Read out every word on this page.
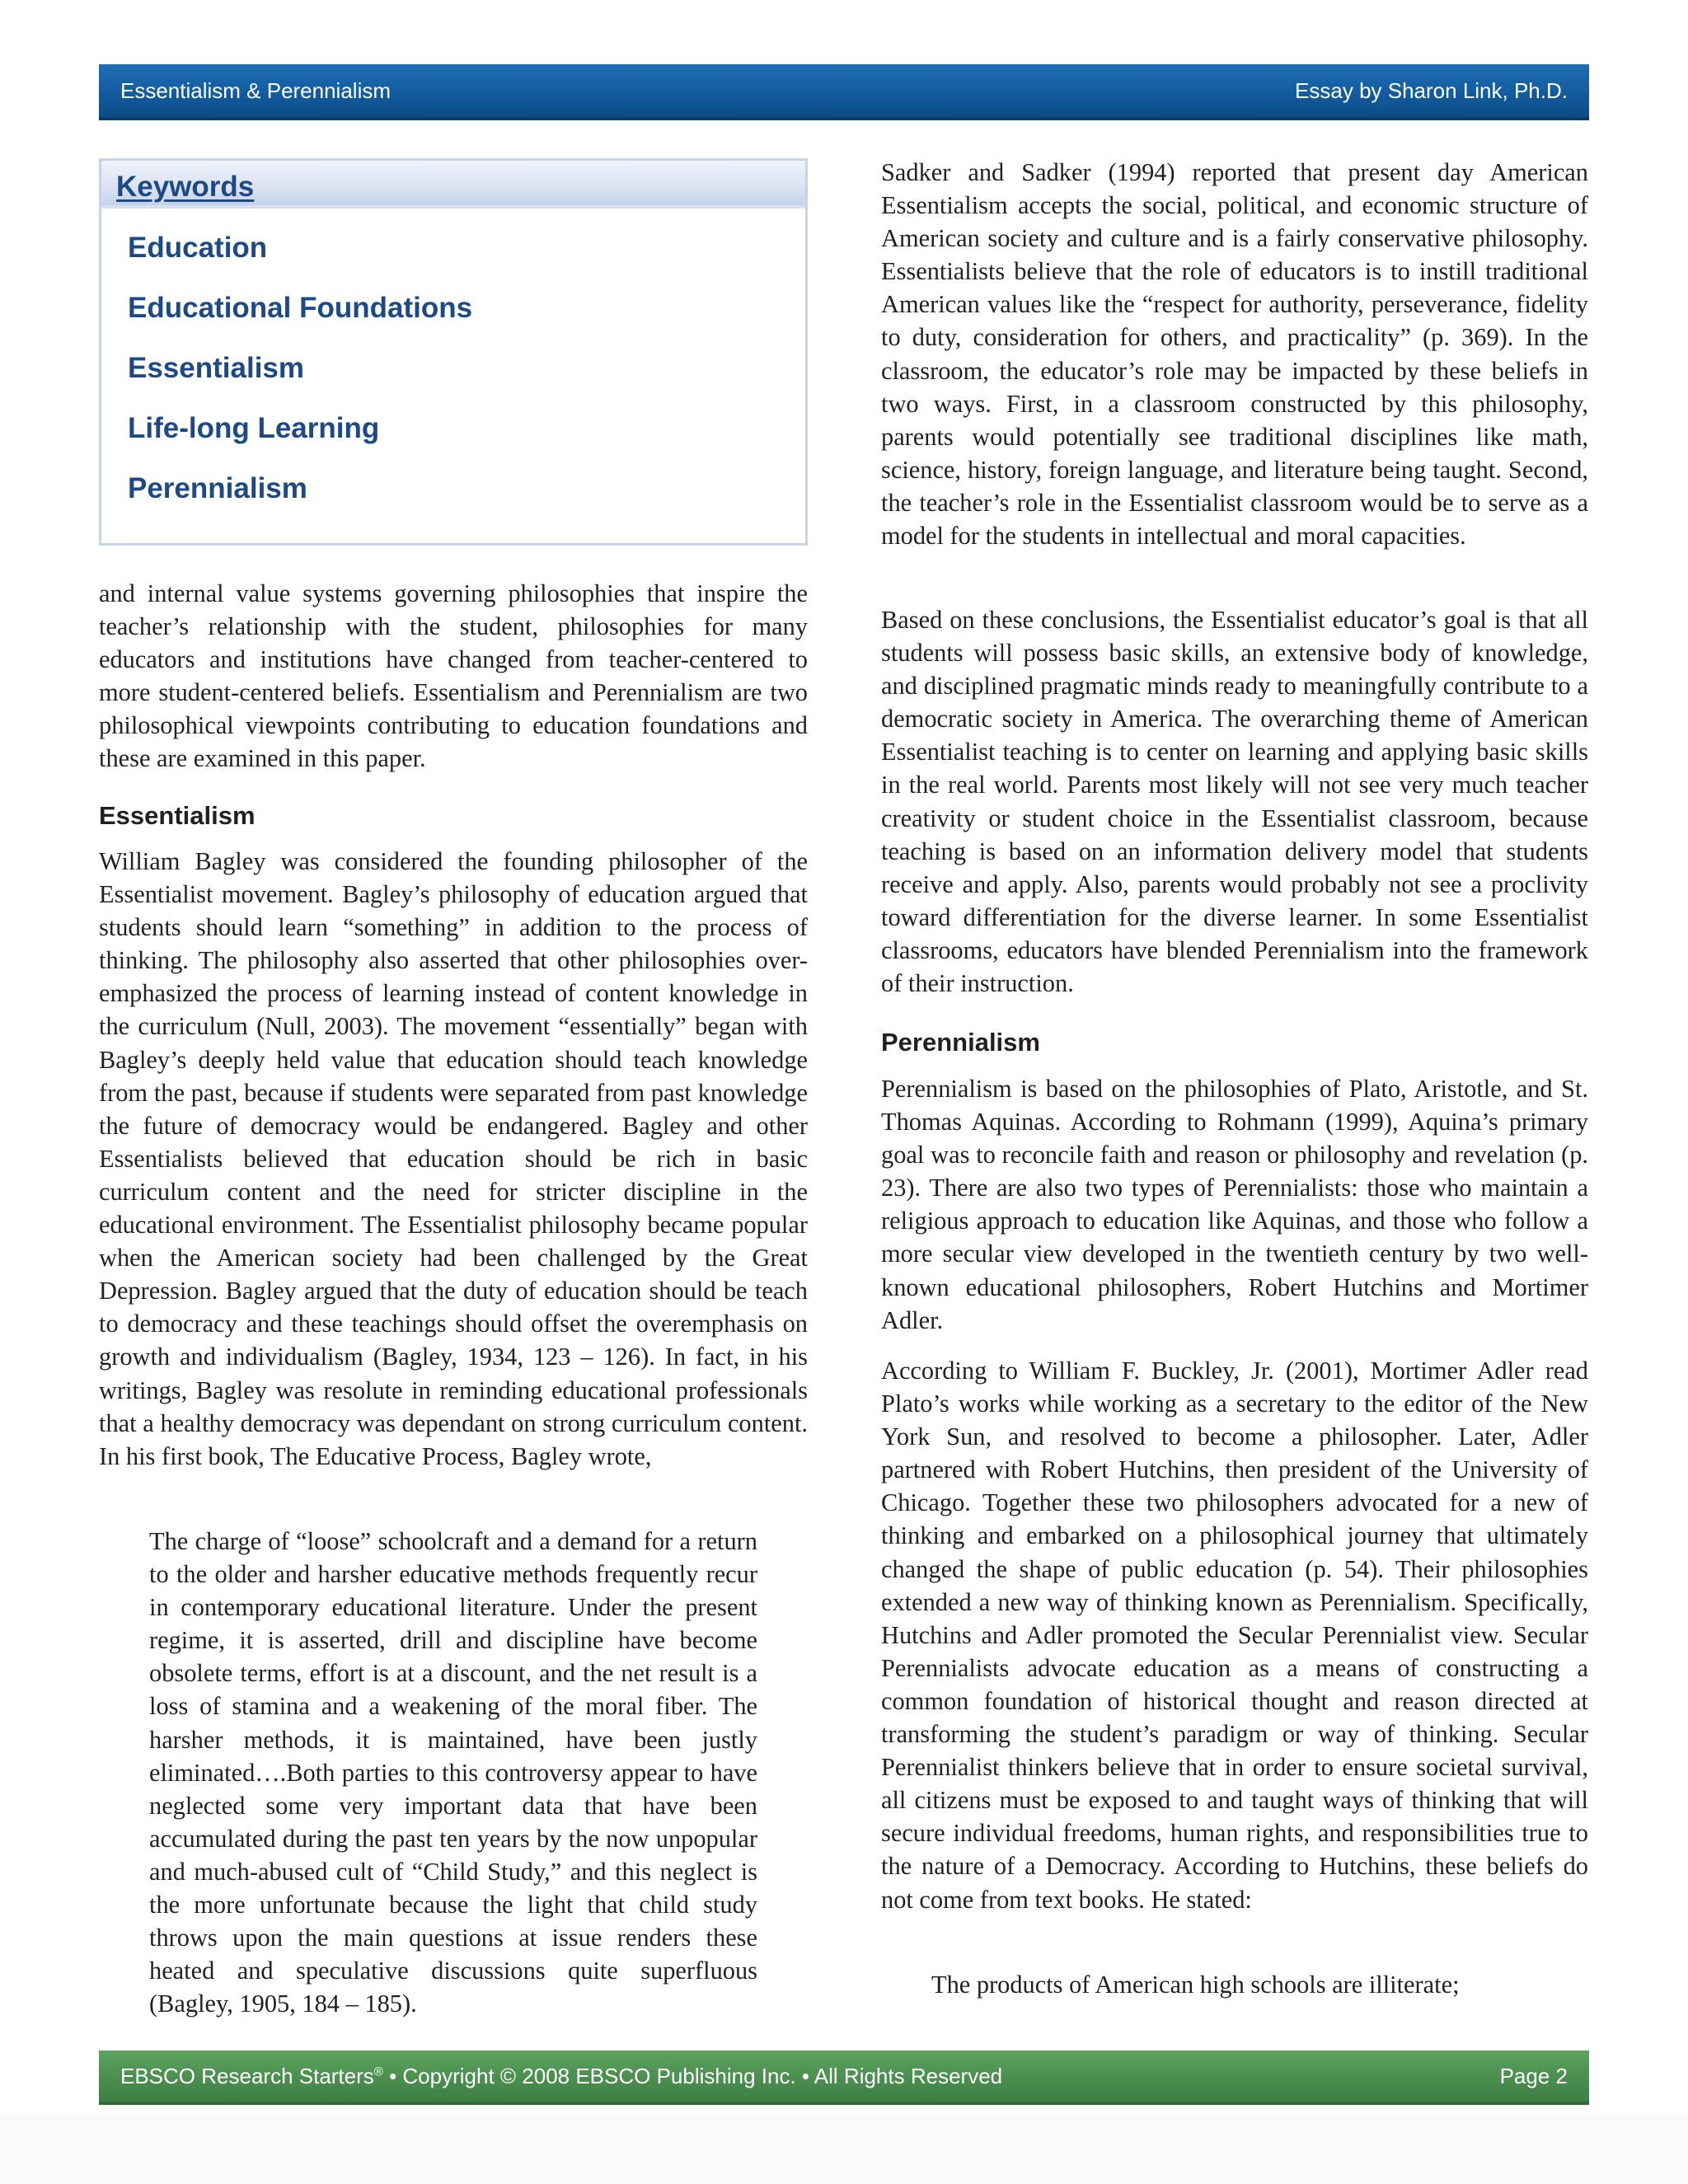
Essentialism & Perennialism	Essay by Sharon Link, Ph.D.
Keywords
Education
Educational Foundations
Essentialism
Life-long Learning
Perennialism

and internal value systems governing philosophies that inspire the teacher’s relationship with the student, philosophies for many educators and institutions have changed from teacher-centered to more student-centered beliefs. Essentialism and Perennialism are two philosophical viewpoints contributing to education foundations and these are examined in this paper.

Essentialism

William Bagley was considered the founding philosopher of the Essentialist movement. Bagley’s philosophy of education argued that students should learn “something” in addition to the process of thinking. The philosophy also asserted that other philosophies over-emphasized the process of learning instead of content knowledge in the curriculum (Null, 2003). The movement “essentially” began with Bagley’s deeply held value that education should teach knowledge from the past, because if students were separated from past knowledge the future of democracy would be endangered. Bagley and other Essentialists believed that education should be rich in basic curriculum content and the need for stricter discipline in the educational environment. The Essentialist philosophy became popular when the American society had been challenged by the Great Depression. Bagley argued that the duty of education should be teach to democracy and these teachings should offset the overemphasis on growth and individualism (Bagley, 1934, 123 – 126). In fact, in his writings, Bagley was resolute in reminding educational professionals that a healthy democracy was dependant on strong curriculum content. In his first book, The Educative Process, Bagley wrote,

The charge of “loose” schoolcraft and a demand for a return to the older and harsher educative methods frequently recur in contemporary educational literature. Under the present regime, it is asserted, drill and discipline have become obsolete terms, effort is at a discount, and the net result is a loss of stamina and a weakening of the moral fiber. The harsher methods, it is maintained, have been justly eliminated….Both parties to this controversy appear to have neglected some very important data that have been accumulated during the past ten years by the now unpopular and much-abused cult of “Child Study,” and this neglect is the more unfortunate because the light that child study throws upon the main questions at issue renders these heated and speculative discussions quite superfluous (Bagley, 1905, 184 – 185).

Sadker and Sadker (1994) reported that present day American Essentialism accepts the social, political, and economic structure of American society and culture and is a fairly conservative philosophy. Essentialists believe that the role of educators is to instill traditional American values like the “respect for authority, perseverance, fidelity to duty, consideration for others, and practicality” (p. 369). In the classroom, the educator’s role may be impacted by these beliefs in two ways. First, in a classroom constructed by this philosophy, parents would potentially see traditional disciplines like math, science, history, foreign language, and literature being taught. Second, the teacher’s role in the Essentialist classroom would be to serve as a model for the students in intellectual and moral capacities.

Based on these conclusions, the Essentialist educator’s goal is that all students will possess basic skills, an extensive body of knowledge, and disciplined pragmatic minds ready to meaningfully contribute to a democratic society in America. The overarching theme of American Essentialist teaching is to center on learning and applying basic skills in the real world. Parents most likely will not see very much teacher creativity or student choice in the Essentialist classroom, because teaching is based on an information delivery model that students receive and apply. Also, parents would probably not see a proclivity toward differentiation for the diverse learner. In some Essentialist classrooms, educators have blended Perennialism into the framework of their instruction.

Perennialism

Perennialism is based on the philosophies of Plato, Aristotle, and St. Thomas Aquinas. According to Rohmann (1999), Aquina’s primary goal was to reconcile faith and reason or philosophy and revelation (p. 23). There are also two types of Perennialists: those who maintain a religious approach to education like Aquinas, and those who follow a more secular view developed in the twentieth century by two well-known educational philosophers, Robert Hutchins and Mortimer Adler.

According to William F. Buckley, Jr. (2001), Mortimer Adler read Plato’s works while working as a secretary to the editor of the New York Sun, and resolved to become a philosopher. Later, Adler partnered with Robert Hutchins, then president of the University of Chicago. Together these two philosophers advocated for a new of thinking and embarked on a philosophical journey that ultimately changed the shape of public education (p. 54). Their philosophies extended a new way of thinking known as Perennialism. Specifically, Hutchins and Adler promoted the Secular Perennialist view. Secular Perennialists advocate education as a means of constructing a common foundation of historical thought and reason directed at transforming the student’s paradigm or way of thinking. Secular Perennialist thinkers believe that in order to ensure societal survival, all citizens must be exposed to and taught ways of thinking that will secure individual freedoms, human rights, and responsibilities true to the nature of a Democracy. According to Hutchins, these beliefs do not come from text books. He stated:

The products of American high schools are illiterate;

EBSCO Research Starters® • Copyright © 2008 EBSCO Publishing Inc. • All Rights Reserved	Page 2
